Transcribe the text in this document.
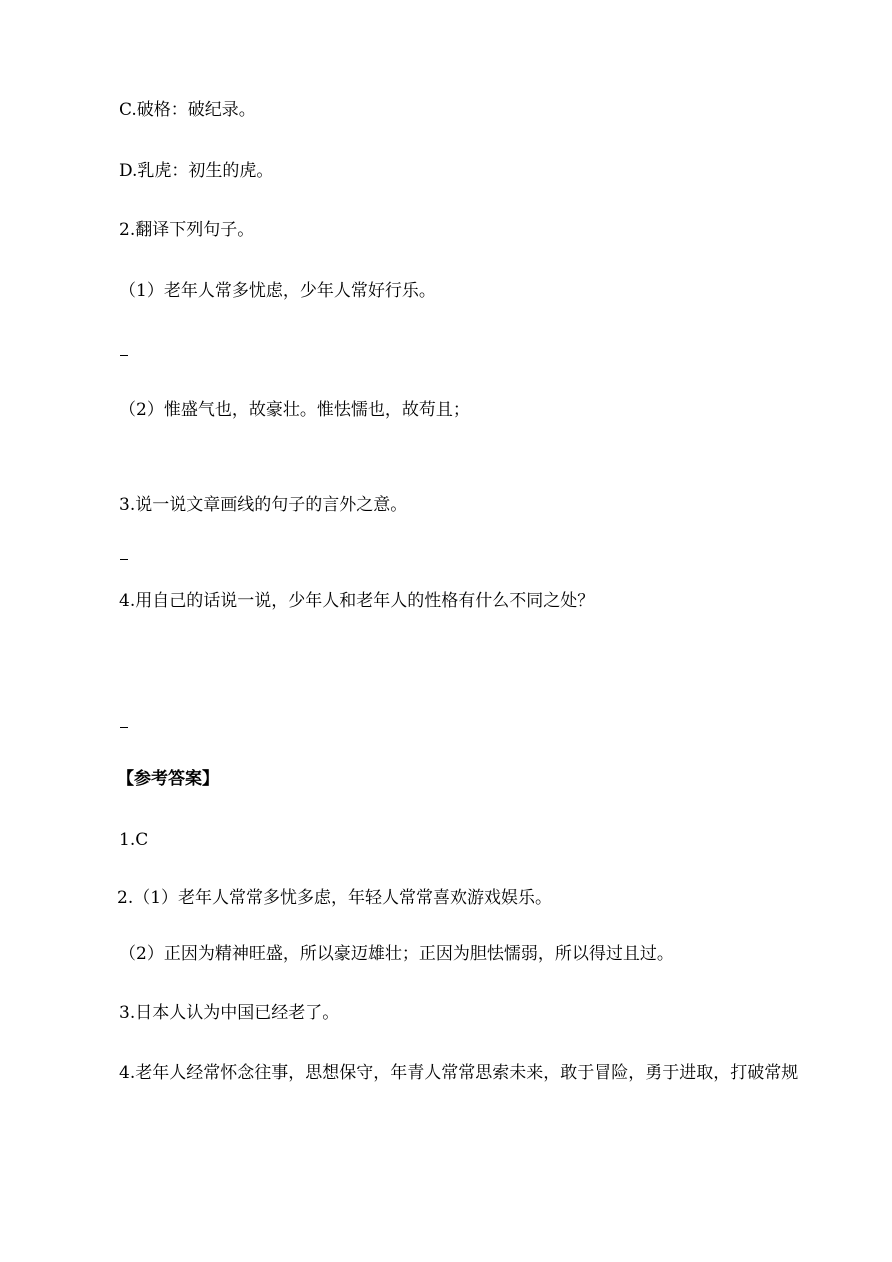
C.破格：破纪录。
D.乳虎：初生的虎。
2.翻译下列句子。
（1）老年人常多忧虑，少年人常好行乐。
（2）惟盛气也，故豪壮。惟怯懦也，故苟且；
3.说一说文章画线的句子的言外之意。
4.用自己的话说一说，少年人和老年人的性格有什么不同之处？
【参考答案】
1.C
2.（1）老年人常常多忧多虑，年轻人常常喜欢游戏娱乐。
（2）正因为精神旺盛，所以豪迈雄壮；正因为胆怯懦弱，所以得过且过。
3.日本人认为中国已经老了。
4.老年人经常怀念往事，思想保守，年青人常常思索未来，敢于冒险，勇于进取，打破常规
